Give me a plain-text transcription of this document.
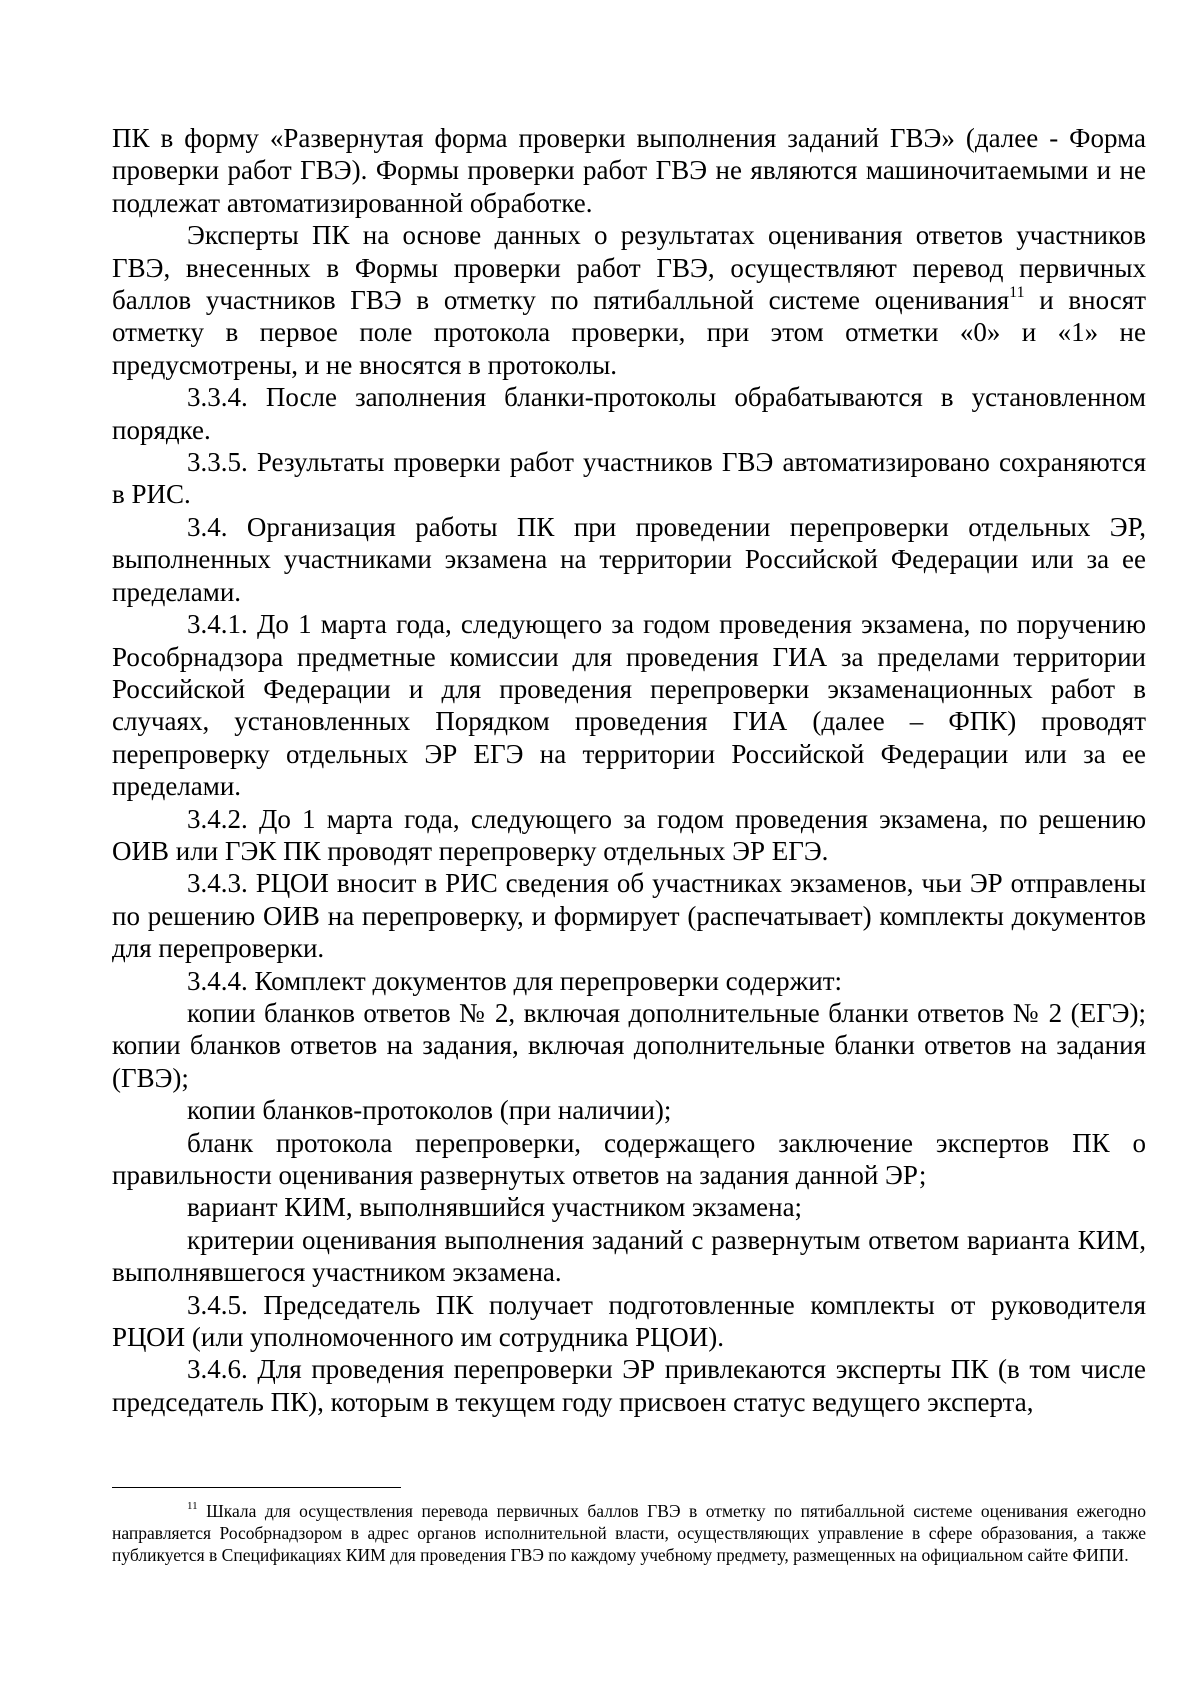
ПК в форму «Развернутая форма проверки выполнения заданий ГВЭ» (далее - Форма проверки работ ГВЭ). Формы проверки работ ГВЭ не являются машиночитаемыми и не подлежат автоматизированной обработке.

Эксперты ПК на основе данных о результатах оценивания ответов участников ГВЭ, внесенных в Формы проверки работ ГВЭ, осуществляют перевод первичных баллов участников ГВЭ в отметку по пятибалльной системе оценивания$^{11}$ и вносят отметку в первое поле протокола проверки, при этом отметки «0» и «1» не предусмотрены, и не вносятся в протоколы.

3.3.4. После заполнения бланки-протоколы обрабатываются в установленном порядке.

3.3.5. Результаты проверки работ участников ГВЭ автоматизировано сохраняются в РИС.

3.4. Организация работы ПК при проведении перепроверки отдельных ЭР, выполненных участниками экзамена на территории Российской Федерации или за ее пределами.

3.4.1. До 1 марта года, следующего за годом проведения экзамена, по поручению Рособрнадзора предметные комиссии для проведения ГИА за пределами территории Российской Федерации и для проведения перепроверки экзаменационных работ в случаях, установленных Порядком проведения ГИА (далее – ФПК) проводят перепроверку отдельных ЭР ЕГЭ на территории Российской Федерации или за ее пределами.

3.4.2. До 1 марта года, следующего за годом проведения экзамена, по решению ОИВ или ГЭК ПК проводят перепроверку отдельных ЭР ЕГЭ.

3.4.3. РЦОИ вносит в РИС сведения об участниках экзаменов, чьи ЭР отправлены по решению ОИВ на перепроверку, и формирует (распечатывает) комплекты документов для перепроверки.

3.4.4. Комплект документов для перепроверки содержит:

копии бланков ответов № 2, включая дополнительные бланки ответов № 2 (ЕГЭ); копии бланков ответов на задания, включая дополнительные бланки ответов на задания (ГВЭ);

копии бланков-протоколов (при наличии);

бланк протокола перепроверки, содержащего заключение экспертов ПК о правильности оценивания развернутых ответов на задания данной ЭР;

вариант КИМ, выполнявшийся участником экзамена;

критерии оценивания выполнения заданий с развернутым ответом варианта КИМ, выполнявшегося участником экзамена.

3.4.5. Председатель ПК получает подготовленные комплекты от руководителя РЦОИ (или уполномоченного им сотрудника РЦОИ).

3.4.6. Для проведения перепроверки ЭР привлекаются эксперты ПК (в том числе председатель ПК), которым в текущем году присвоен статус ведущего эксперта,

$^{11}$ Шкала для осуществления перевода первичных баллов ГВЭ в отметку по пятибалльной системе оценивания ежегодно направляется Рособрнадзором в адрес органов исполнительной власти, осуществляющих управление в сфере образования, а также публикуется в Спецификациях КИМ для проведения ГВЭ по каждому учебному предмету, размещенных на официальном сайте ФИПИ.
